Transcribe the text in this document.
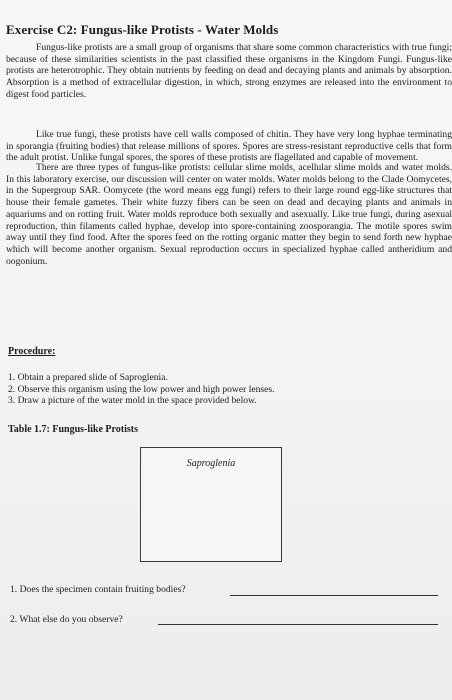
Exercise C2: Fungus-like Protists - Water Molds
Fungus-like protists are a small group of organisms that share some common characteristics with true fungi; because of these similarities scientists in the past classified these organisms in the Kingdom Fungi. Fungus-like protists are heterotrophic. They obtain nutrients by feeding on dead and decaying plants and animals by absorption. Absorption is a method of extracellular digestion, in which, strong enzymes are released into the environment to digest food particles.
Like true fungi, these protists have cell walls composed of chitin. They have very long hyphae terminating in sporangia (fruiting bodies) that release millions of spores. Spores are stress-resistant reproductive cells that form the adult protist. Unlike fungal spores, the spores of these protists are flagellated and capable of movement.
There are three types of fungus-like protists: cellular slime molds, acellular slime molds and water molds. In this laboratory exercise, our discussion will center on water molds. Water molds belong to the Clade Oomycetes, in the Supergroup SAR. Oomycete (the word means egg fungi) refers to their large round egg-like structures that house their female gametes. Their white fuzzy fibers can be seen on dead and decaying plants and animals in aquariums and on rotting fruit. Water molds reproduce both sexually and asexually. Like true fungi, during asexual reproduction, thin filaments called hyphae, develop into spore-containing zoosporangia. The motile spores swim away until they find food. After the spores feed on the rotting organic matter they begin to send forth new hyphae which will become another organism. Sexual reproduction occurs in specialized hyphae called antheridium and oogonium.
Procedure:
1. Obtain a prepared slide of Saproglenia.
2. Observe this organism using the low power and high power lenses.
3. Draw a picture of the water mold in the space provided below.
Table 1.7: Fungus-like Protists
Saproglenia
1. Does the specimen contain fruiting bodies?
2. What else do you observe?
